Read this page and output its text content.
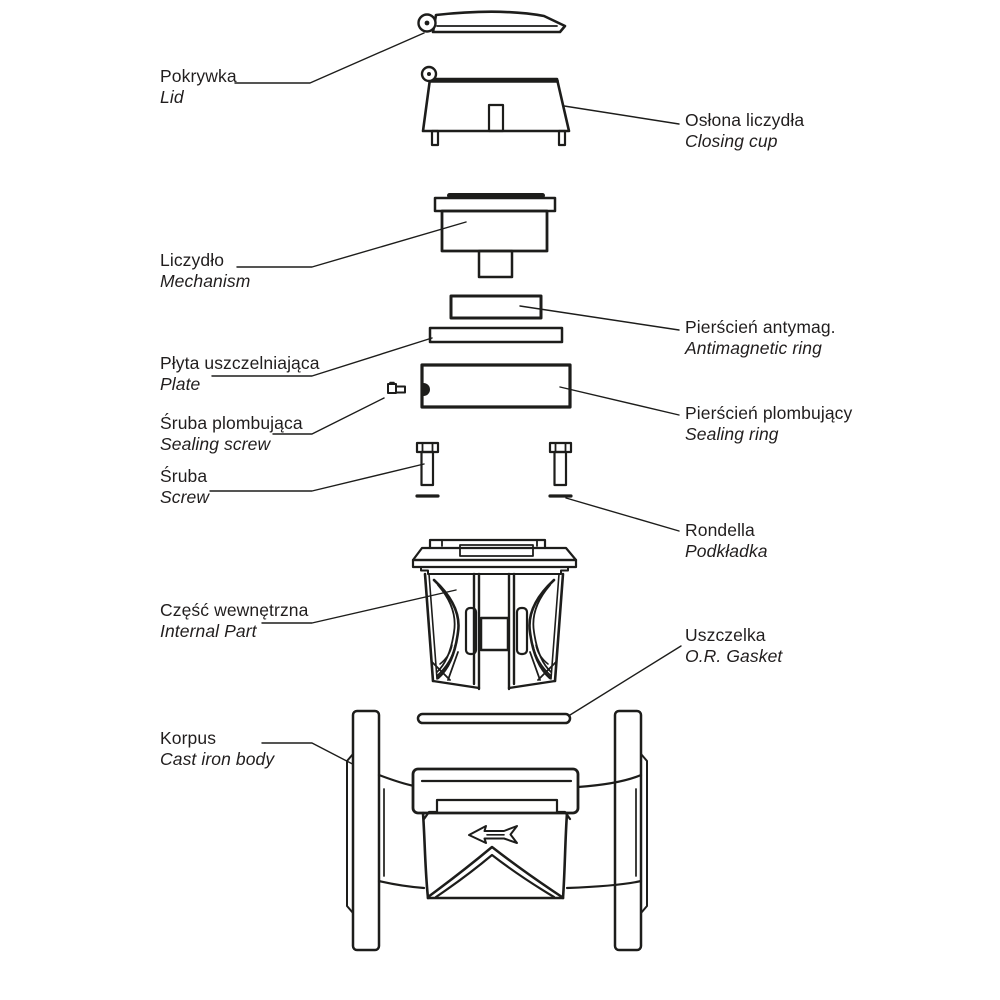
Pokrywka
Lid
Liczydło
Mechanism
Płyta uszczelniająca
Plate
Śruba plombująca
Sealing screw
Śruba
Screw
Część wewnętrzna
Internal Part
Korpus
Cast iron body
Osłona liczydła
Closing cup
Pierścień antymag.
Antimagnetic ring
Pierścień plombujący
Sealing ring
Rondella
Podkładka
Uszczelka
O.R. Gasket
